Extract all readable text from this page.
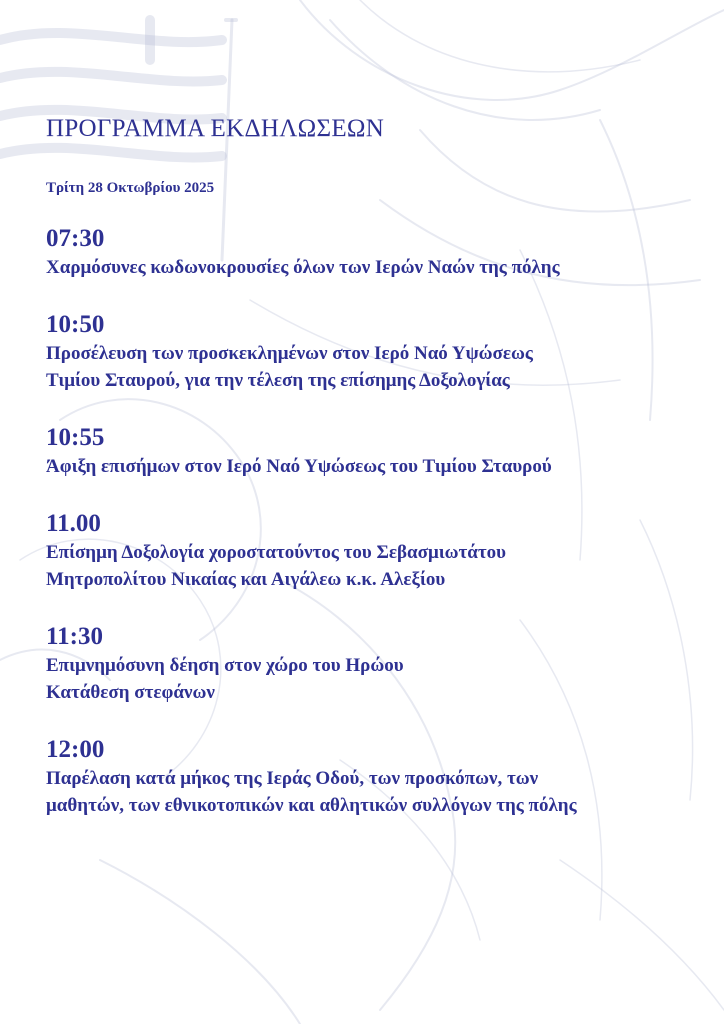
ΠΡΟΓΡΑΜΜΑ ΕΚΔΗΛΩΣΕΩΝ
Τρίτη 28 Οκτωβρίου 2025
07:30
Χαρμόσυνες κωδωνοκρουσίες όλων των Ιερών Ναών της πόλης
10:50
Προσέλευση των προσκεκλημένων στον Ιερό Ναό Υψώσεως
Τιμίου Σταυρού, για την τέλεση της επίσημης Δοξολογίας
10:55
Άφιξη επισήμων στον Ιερό Ναό Υψώσεως του Τιμίου Σταυρού
11.00
Επίσημη Δοξολογία χοροστατούντος του Σεβασμιωτάτου
Μητροπολίτου Νικαίας και Αιγάλεω κ.κ. Αλεξίου
11:30
Επιμνημόσυνη δέηση στον χώρο του Ηρώου
Κατάθεση στεφάνων
12:00
Παρέλαση κατά μήκος της Ιεράς Οδού, των προσκόπων, των
μαθητών, των εθνικοτοπικών και αθλητικών συλλόγων της πόλης
